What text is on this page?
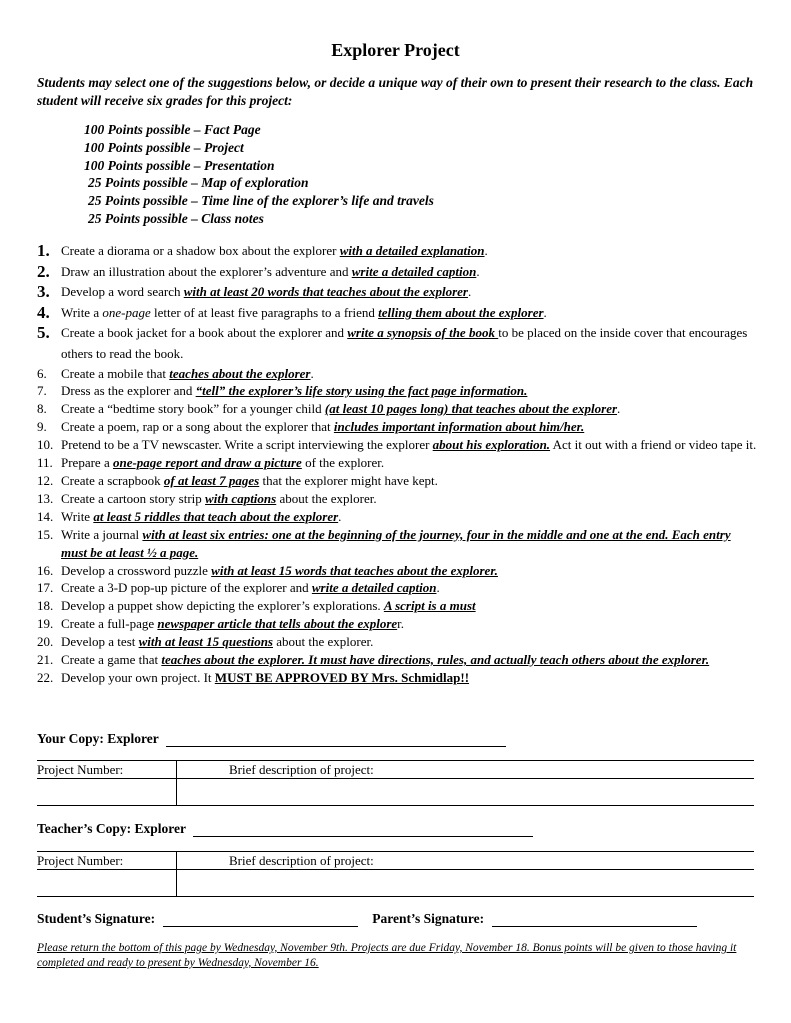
Explorer Project
Students may select one of the suggestions below, or decide a unique way of their own to present their research to the class. Each student will receive six grades for this project:
100 Points possible – Fact Page
100 Points possible – Project
100 Points possible – Presentation
25 Points possible – Map of exploration
25 Points possible – Time line of the explorer’s life and travels
25 Points possible – Class notes
1. Create a diorama or a shadow box about the explorer with a detailed explanation.
2. Draw an illustration about the explorer’s adventure and write a detailed caption.
3. Develop a word search with at least 20 words that teaches about the explorer.
4. Write a one-page letter of at least five paragraphs to a friend telling them about the explorer.
5. Create a book jacket for a book about the explorer and write a synopsis of the book to be placed on the inside cover that encourages others to read the book.
6. Create a mobile that teaches about the explorer.
7. Dress as the explorer and “tell” the explorer’s life story using the fact page information.
8. Create a “bedtime story book” for a younger child (at least 10 pages long) that teaches about the explorer.
9. Create a poem, rap or a song about the explorer that includes important information about him/her.
10. Pretend to be a TV newscaster. Write a script interviewing the explorer about his exploration. Act it out with a friend or video tape it.
11. Prepare a one-page report and draw a picture of the explorer.
12. Create a scrapbook of at least 7 pages that the explorer might have kept.
13. Create a cartoon story strip with captions about the explorer.
14. Write at least 5 riddles that teach about the explorer.
15. Write a journal with at least six entries: one at the beginning of the journey, four in the middle and one at the end. Each entry must be at least ½ a page.
16. Develop a crossword puzzle with at least 15 words that teaches about the explorer.
17. Create a 3-D pop-up picture of the explorer and write a detailed caption.
18. Develop a puppet show depicting the explorer’s explorations. A script is a must
19. Create a full-page newspaper article that tells about the explorer.
20. Develop a test with at least 15 questions about the explorer.
21. Create a game that teaches about the explorer. It must have directions, rules, and actually teach others about the explorer.
22. Develop your own project. It MUST BE APPROVED BY Mrs. Schmidlap!!
Your Copy: Explorer
Project Number:	Brief description of project:
Teacher’s Copy: Explorer
Project Number:	Brief description of project:
Student’s Signature:	Parent’s Signature:
Please return the bottom of this page by Wednesday, November 9th. Projects are due Friday, November 18. Bonus points will be given to those having it completed and ready to present by Wednesday, November 16.
